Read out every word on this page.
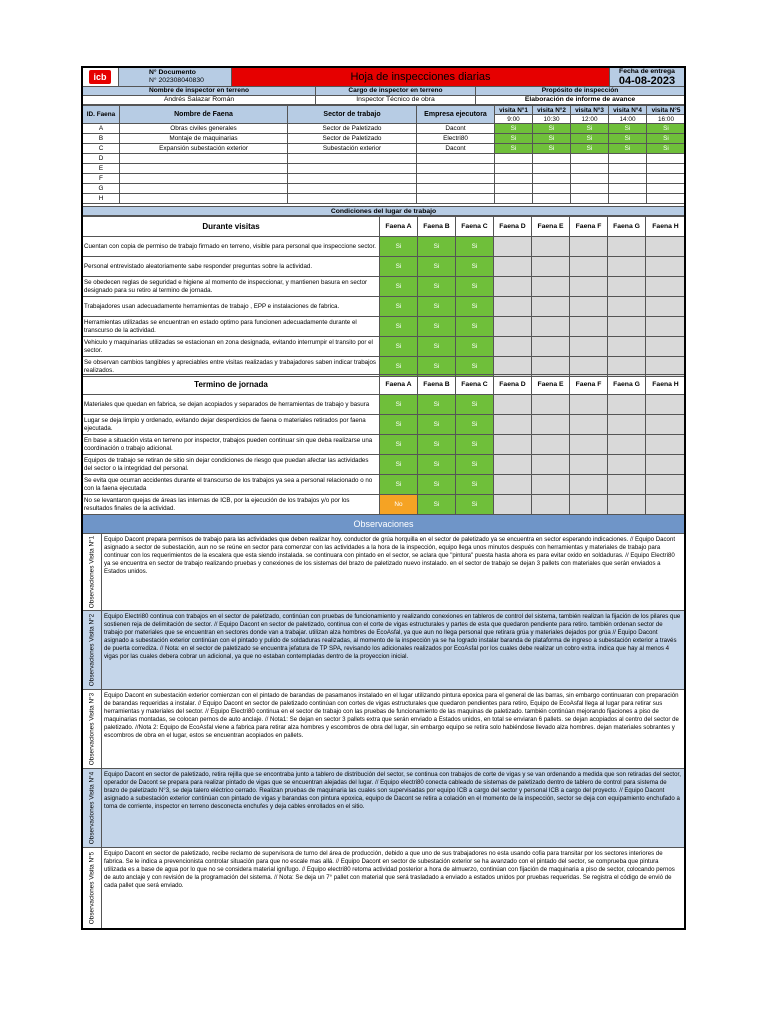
icb	N° Documento
N° 202308040830	Hoja de inspecciones diarias	Fecha de entrega
04-08-2023
Nombre de inspector en terreno	Cargo de inspector en terreno	Propósito de inspección
Andrés Salazar Román	Inspector Técnico de obra	Elaboración de informe de avance
ID. Faena	Nombre de Faena	Sector de trabajo	Empresa ejecutora	visita N°1	visita N°2	visita N°3	visita N°4	visita N°5
				9:00	10:30	12:00	14:00	16:00
A	Obras civiles generales	Sector de Paletizado	Dacont	Si	Si	Si	Si	Si
B	Montaje de maquinarias	Sector de Paletizado	Electri80	Si	Si	Si	Si	Si
C	Expansión subestación exterior	Subestación exterior	Dacont	Si	Si	Si	Si	Si
D								
E								
F								
G								
H								
Condiciones del lugar de trabajo
Durante visitas	Faena A	Faena B	Faena C	Faena D	Faena E	Faena F	Faena G	Faena H
Cuentan con copia de permiso de trabajo firmado en terreno, visible para personal que inspeccione sector.	Si	Si	Si					
Personal entrevistado aleatoriamente sabe responder preguntas sobre la actividad.	Si	Si	Si					
Se obedecen reglas de seguridad e higiene al momento de inspeccionar, y mantienen basura en sector designado para su retiro al termino de jornada.	Si	Si	Si					
Trabajadores usan adecuadamente herramientas de trabajo , EPP e instalaciones de fabrica.	Si	Si	Si					
Herramientas utilizadas se encuentran en estado optimo para funcionen adecuadamente durante el transcurso de la actividad.	Si	Si	Si					
Vehiculo y maquinarias utilizadas se estacionan en zona designada, evitando interrumpir el transito por el sector.	Si	Si	Si					
Se observan cambios tangibles y apreciables entre visitas realizadas y trabajadores saben indicar trabajos realizados.	Si	Si	Si					
Termino de jornada	Faena A	Faena B	Faena C	Faena D	Faena E	Faena F	Faena G	Faena H
Materiales que quedan en fabrica, se dejan acopiados y separados de herramientas de trabajo y basura	Si	Si	Si					
Lugar se deja limpio y ordenado, evitando dejar desperdicios de faena o materiales retirados por faena ejecutada.	Si	Si	Si					
En base a situación vista en terreno por inspector, trabajos pueden continuar sin que deba realizarse una coordinación o trabajo adicional.	Si	Si	Si					
Equipos de trabajo se retiran de sitio sin dejar condiciones de riesgo que puedan afectar las actividades del sector o la integridad del personal.	Si	Si	Si					
Se evita que ocurran accidentes durante el transcurso de los trabajos ya sea a personal relacionado o no con la faena ejecutada	Si	Si	Si					
No se levantaron quejas de áreas las internas de ICB, por la ejecución de los trabajos y/o por los resultados finales de la actividad.	No	Si	Si					
Observaciones
Observaciones Visita N°1	Equipo Dacont prepara permisos de trabajo para las actividades que deben realizar hoy. conductor de grúa horquilla en el sector de paletizado ya se encuentra en sector esperando indicaciones. // Equipo Dacont asignado a sector de subestación, aun no se reúne en sector para comenzar con las actividades a la hora de la inspección, equipo llega unos minutos después con herramientas y materiales de trabajo para continuar con los requerimientos de la escalera que esta siendo instalada. se continuara con pintado en el sector, se aclara que "pintura" puesta hasta ahora es para evitar oxido en soldaduras. // Equipo Electri80 ya se encuentra en sector de trabajo realizando pruebas y conexiones de los sistemas del brazo de paletizado nuevo instalado. en el sector de trabajo se dejan 3 pallets con materiales que serán enviados a Estados unidos.
Observaciones Visita N°2	Equipo Electri80 continua con trabajos en el sector de paletizado, continúan con pruebas de funcionamiento y realizando conexiones en tableros de control del sistema, también realizan la fijación de los pilares que sostienen reja de delimitación de sector. // Equipo Dacont en sector de paletizado, continua con el corte de vigas estructurales y partes de esta que quedaron pendiente para retiro. también ordenan sector de trabajo por materiales que se encuentran en sectores donde van a trabajar. utilizan alza hombres de EcoAsfal, ya que aun no llega personal que retirara grúa y materiales dejados por grúa // Equipo Dacont asignado a subestación exterior continúan con el pintado y pulido de soldaduras realizadas, al momento de la inspección ya se ha logrado instalar baranda de plataforma de ingreso a subestación exterior a través de puerta corrediza. // Nota: en el sector de paletizado se encuentra jefatura de TP SPA, revisando los adicionales realizados por EcoAsfal por los cuales debe realizar un cobro extra. indica que hay al menos 4 vigas por las cuales debera cobrar un adicional, ya que no estaban contempladas dentro de la proyeccion inicial.
Observaciones Visita N°3	Equipo Dacont en subestación exterior comienzan con el pintado de barandas de pasamanos instalado en el lugar utilizando pintura epoxica para el general de las barras, sin embargo continuaran con preparación de barandas requeridas a instalar. // Equipo Dacont en sector de paletizado continúan con cortes de vigas estructurales que quedaron pendientes para retiro, Equipo de EcoAsfal llega al lugar para retirar sus herramientas y materiales del sector. // Equipo Electri80 continua en el sector de trabajo con las pruebas de funcionamiento de las maquinas de paletizado. también continúan mejorando fijaciones a piso de maquinarias montadas, se colocan pernos de auto anclaje. // Nota1: Se dejan en sector 3 pallets extra que serán enviado a Estados unidos, en total se enviaran 6 pallets. se dejan acopiados al centro del sector de paletizado. //Nota 2: Equipo de EcoAsfal viene a fabrica para retirar alza hombres y escombros de obra del lugar, sin embargo equipo se retira solo habiéndose llevado alza hombres. dejan materiales sobrantes y escombros de obra en el lugar, estos se encuentran acopiados en pallets.
Observaciones Visita N°4	Equipo Dacont en sector de paletizado, retira rejilla que se encontraba junto a tablero de distribución del sector, se continua con trabajos de corte de vigas y se van ordenando a medida que son retiradas del sector, operador de Dacont se prepara para realizar pintado de vigas que se encuentran alejadas del lugar. // Equipo electri80 conecta cableado de sistemas de paletizado dentro de tablero de control para sistema de brazo de paletizado N°3, se deja talero eléctrico cerrado. Realizan pruebas de maquinaria las cuales son supervisadas por equipo ICB a cargo del sector y personal ICB a cargo del proyecto. // Equipo Dacont asignado a subestación exterior continúan con pintado de vigas y barandas con pintura epoxica, equipo de Dacont se retira a colación en el momento de la inspección, sector se deja con equipamiento enchufado a toma de corriente, inspector en terreno desconecta enchufes y deja cables enrollados en el sitio.
Observaciones Visita N°5	Equipo Dacont en sector de paletizado, recibe reclamo de supervisora de turno del área de producción, debido a que uno de sus trabajadores no esta usando cofia para transitar por los sectores interiores de fabrica. Se le indica a prevencionista controlar situación para que no escale mas allá. // Equipo Dacont en sector de subestación exterior se ha avanzado con el pintado del sector, se comprueba que pintura utilizada es a base de agua por lo que no se considera material ignífugo. // Equipo electri80 retoma actividad posterior a hora de almuerzo, continúan con fijación de maquinaria a piso de sector, colocando pernos de auto anclaje y con revisión de la programación del sistema. // Nota: Se deja un 7° pallet con material que será trasladado a enviado a estados unidos por pruebas requeridas. Se registra el código de envió de cada pallet que será enviado.
